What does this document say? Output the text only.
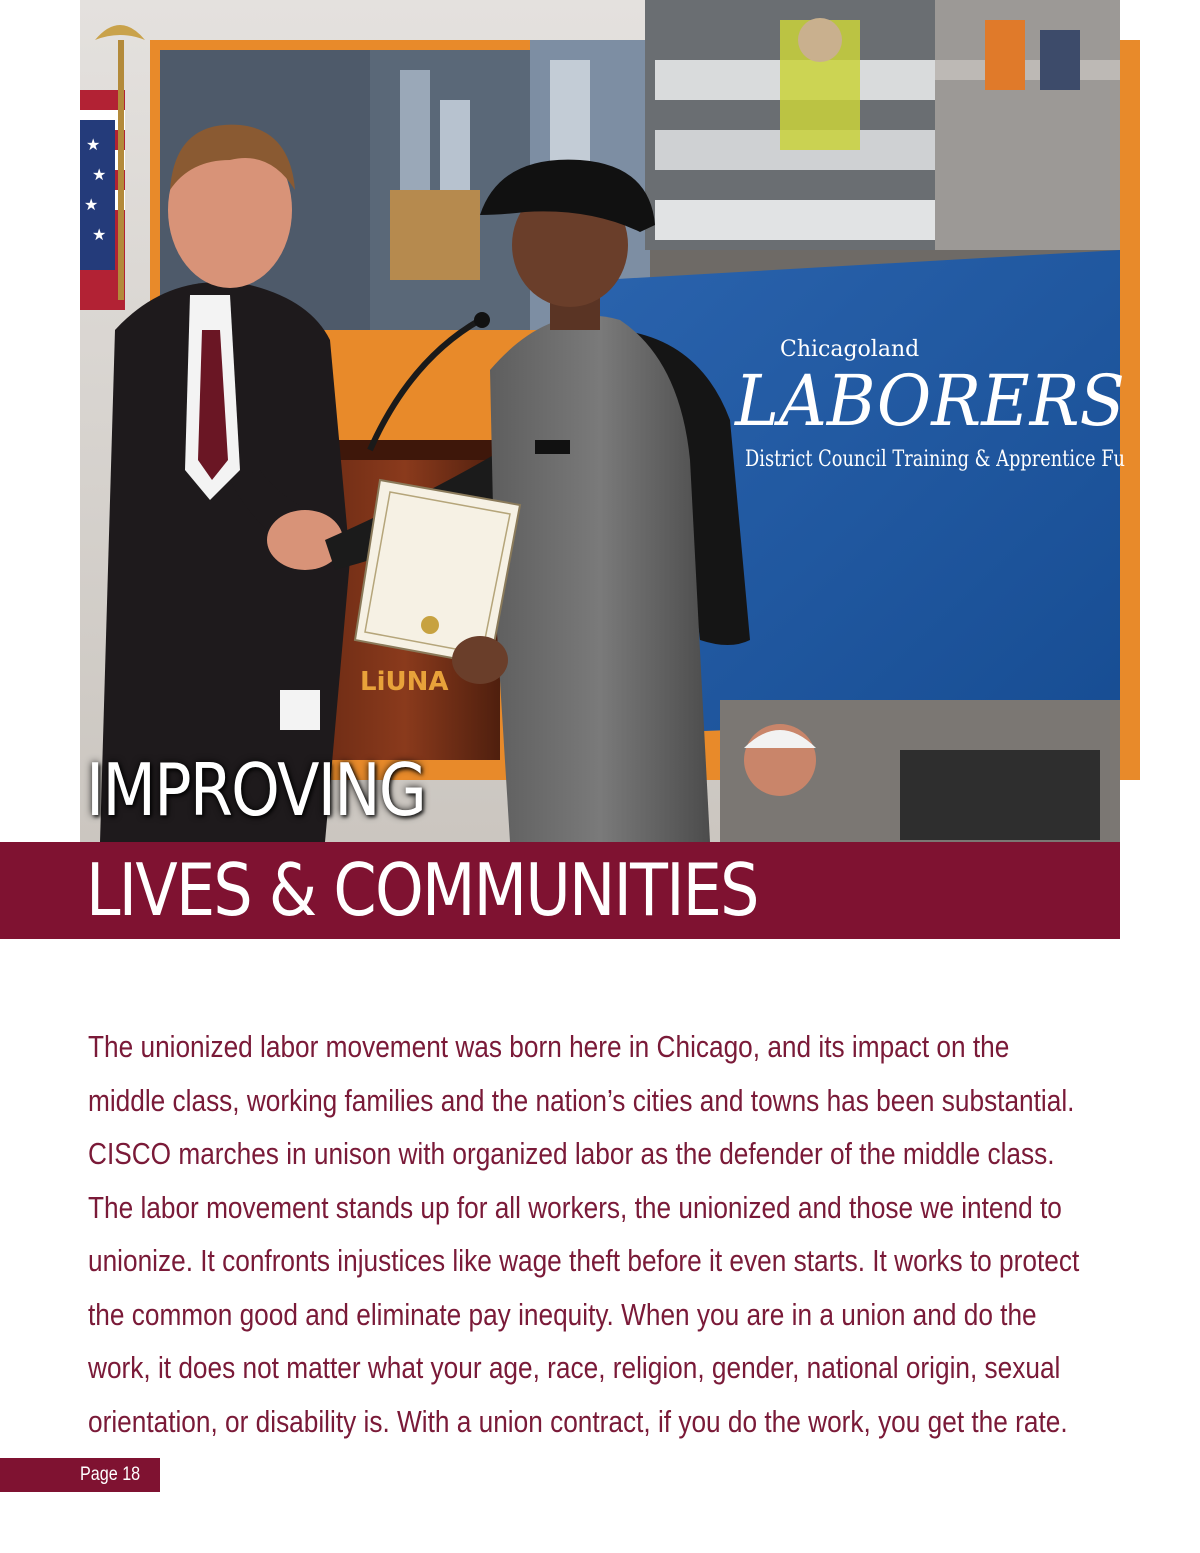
★
★
★
★
Chicagoland
LABORERS
District Council Training & Apprentice Fu
LiUNA
IMPROVING
LIVES & COMMUNITIES

The unionized labor movement was born here in Chicago, and its impact on the
middle class, working families and the nation’s cities and towns has been substantial.
CISCO marches in unison with organized labor as the defender of the middle class.
The labor movement stands up for all workers, the unionized and those we intend to
unionize. It confronts injustices like wage theft before it even starts. It works to protect
the common good and eliminate pay inequity. When you are in a union and do the
work, it does not matter what your age, race, religion, gender, national origin, sexual
orientation, or disability is. With a union contract, if you do the work, you get the rate.

Page 18
